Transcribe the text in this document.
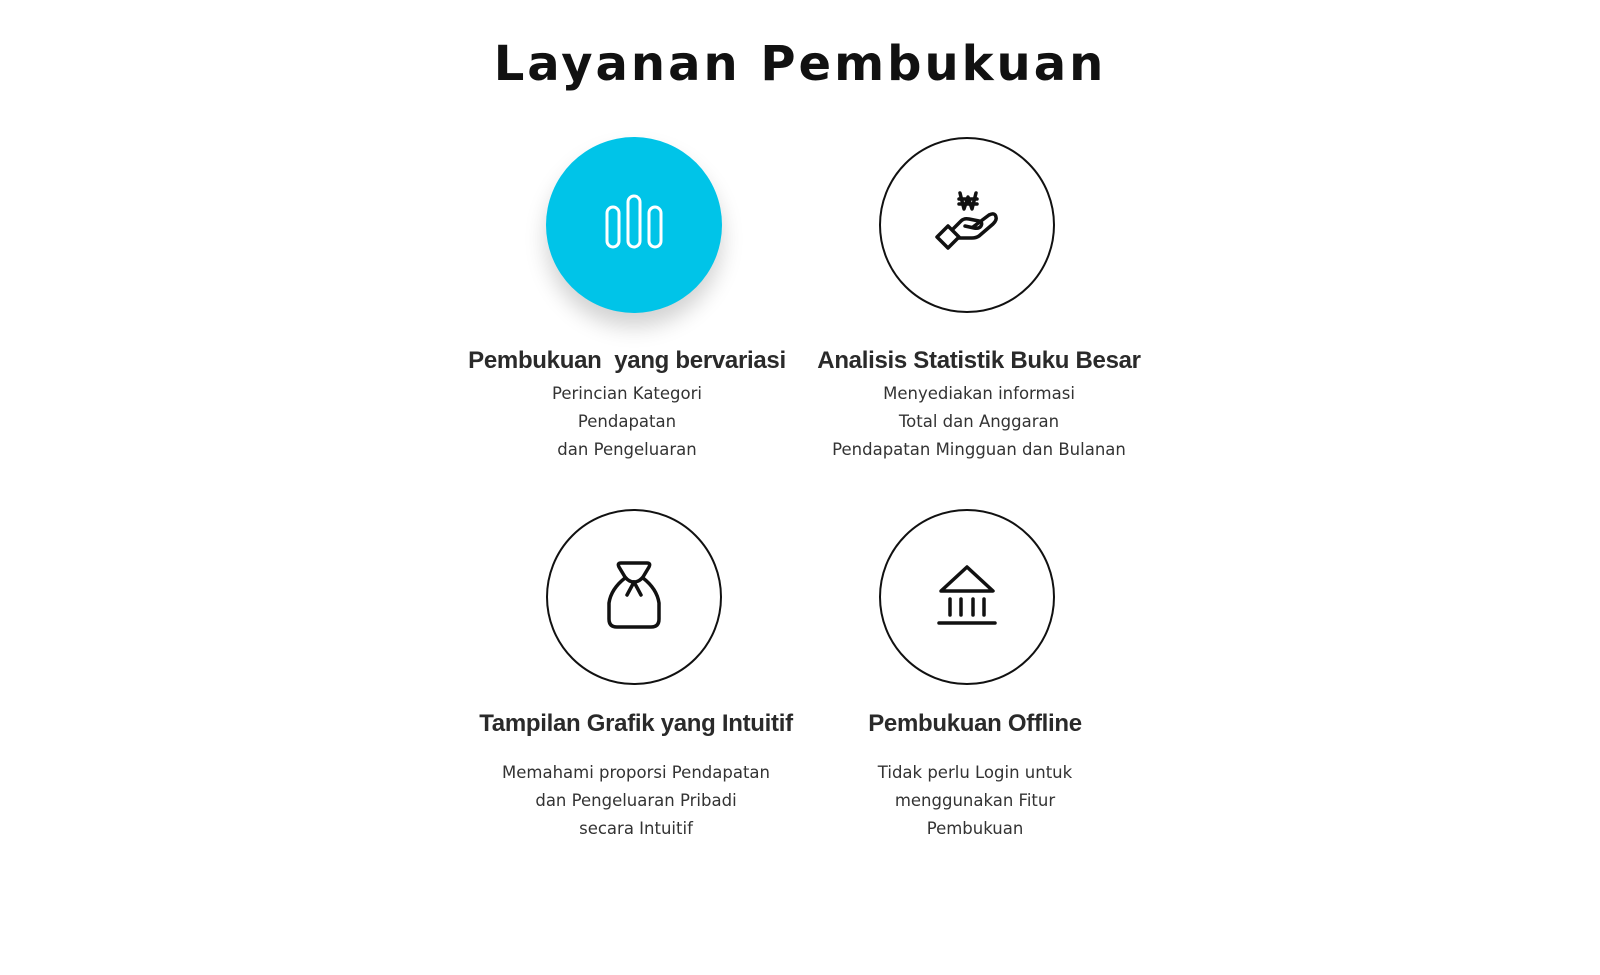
Layanan Pembukuan
Pembukuan  yang bervariasi

Perincian Kategori
Pendapatan
dan Pengeluaran

Analisis Statistik Buku Besar

Menyediakan informasi
Total dan Anggaran
Pendapatan Mingguan dan Bulanan

Tampilan Grafik yang Intuitif

Memahami proporsi Pendapatan
dan Pengeluaran Pribadi
secara Intuitif

Pembukuan Offline

Tidak perlu Login untuk
menggunakan Fitur
Pembukuan
